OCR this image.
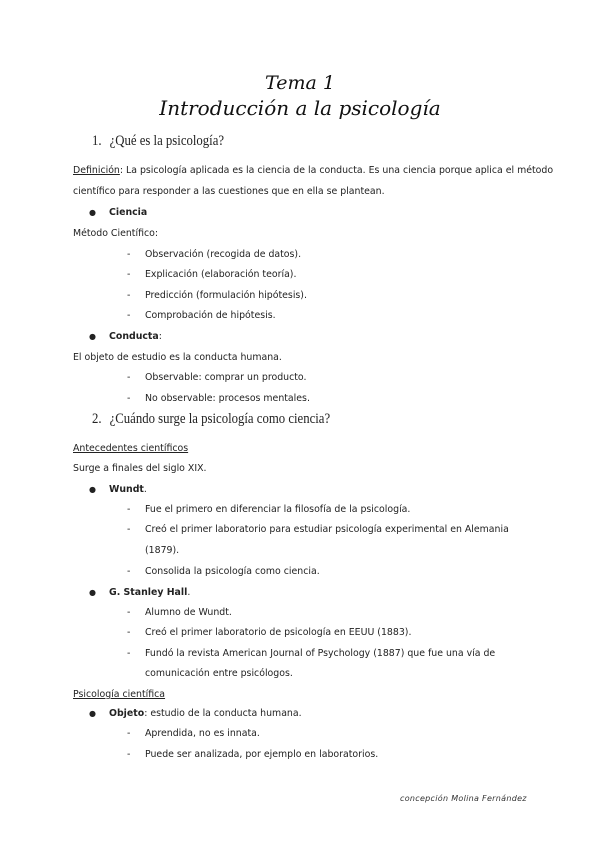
Tema 1
Introducción a la psicología
1. ¿Qué es la psicología?
Definición: La psicología aplicada es la ciencia de la conducta. Es una ciencia porque aplica el método
científico para responder a las cuestiones que en ella se plantean.
● Ciencia
Método Científico:
- Observación (recogida de datos).
- Explicación (elaboración teoría).
- Predicción (formulación hipótesis).
- Comprobación de hipótesis.
● Conducta:
El objeto de estudio es la conducta humana.
- Observable: comprar un producto.
- No observable: procesos mentales.
2. ¿Cuándo surge la psicología como ciencia?
Antecedentes científicos
Surge a finales del siglo XIX.
● Wundt.
- Fue el primero en diferenciar la filosofía de la psicología.
- Creó el primer laboratorio para estudiar psicología experimental en Alemania
(1879).
- Consolida la psicología como ciencia.
● G. Stanley Hall.
- Alumno de Wundt.
- Creó el primer laboratorio de psicología en EEUU (1883).
- Fundó la revista American Journal of Psychology (1887) que fue una vía de
comunicación entre psicólogos.
Psicología científica
● Objeto: estudio de la conducta humana.
- Aprendida, no es innata.
- Puede ser analizada, por ejemplo en laboratorios.
concepción Molina Fernández
